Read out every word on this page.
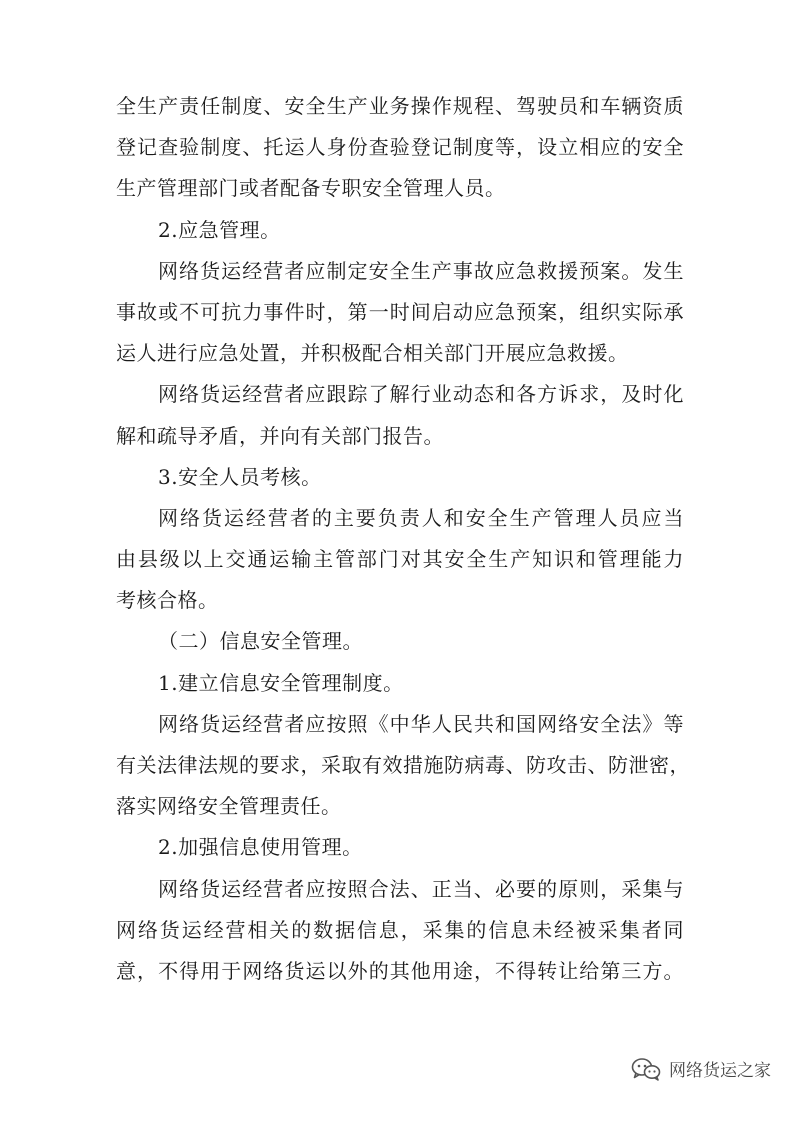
全生产责任制度、安全生产业务操作规程、驾驶员和车辆资质
登记查验制度、托运人身份查验登记制度等，设立相应的安全
生产管理部门或者配备专职安全管理人员。
2.应急管理。
网络货运经营者应制定安全生产事故应急救援预案。发生
事故或不可抗力事件时，第一时间启动应急预案，组织实际承
运人进行应急处置，并积极配合相关部门开展应急救援。
网络货运经营者应跟踪了解行业动态和各方诉求，及时化
解和疏导矛盾，并向有关部门报告。
3.安全人员考核。
网络货运经营者的主要负责人和安全生产管理人员应当
由县级以上交通运输主管部门对其安全生产知识和管理能力
考核合格。
（二）信息安全管理。
1.建立信息安全管理制度。
网络货运经营者应按照《中华人民共和国网络安全法》等
有关法律法规的要求，采取有效措施防病毒、防攻击、防泄密，
落实网络安全管理责任。
2.加强信息使用管理。
网络货运经营者应按照合法、正当、必要的原则，采集与
网络货运经营相关的数据信息，采集的信息未经被采集者同
意，不得用于网络货运以外的其他用途，不得转让给第三方。
网络货运之家
